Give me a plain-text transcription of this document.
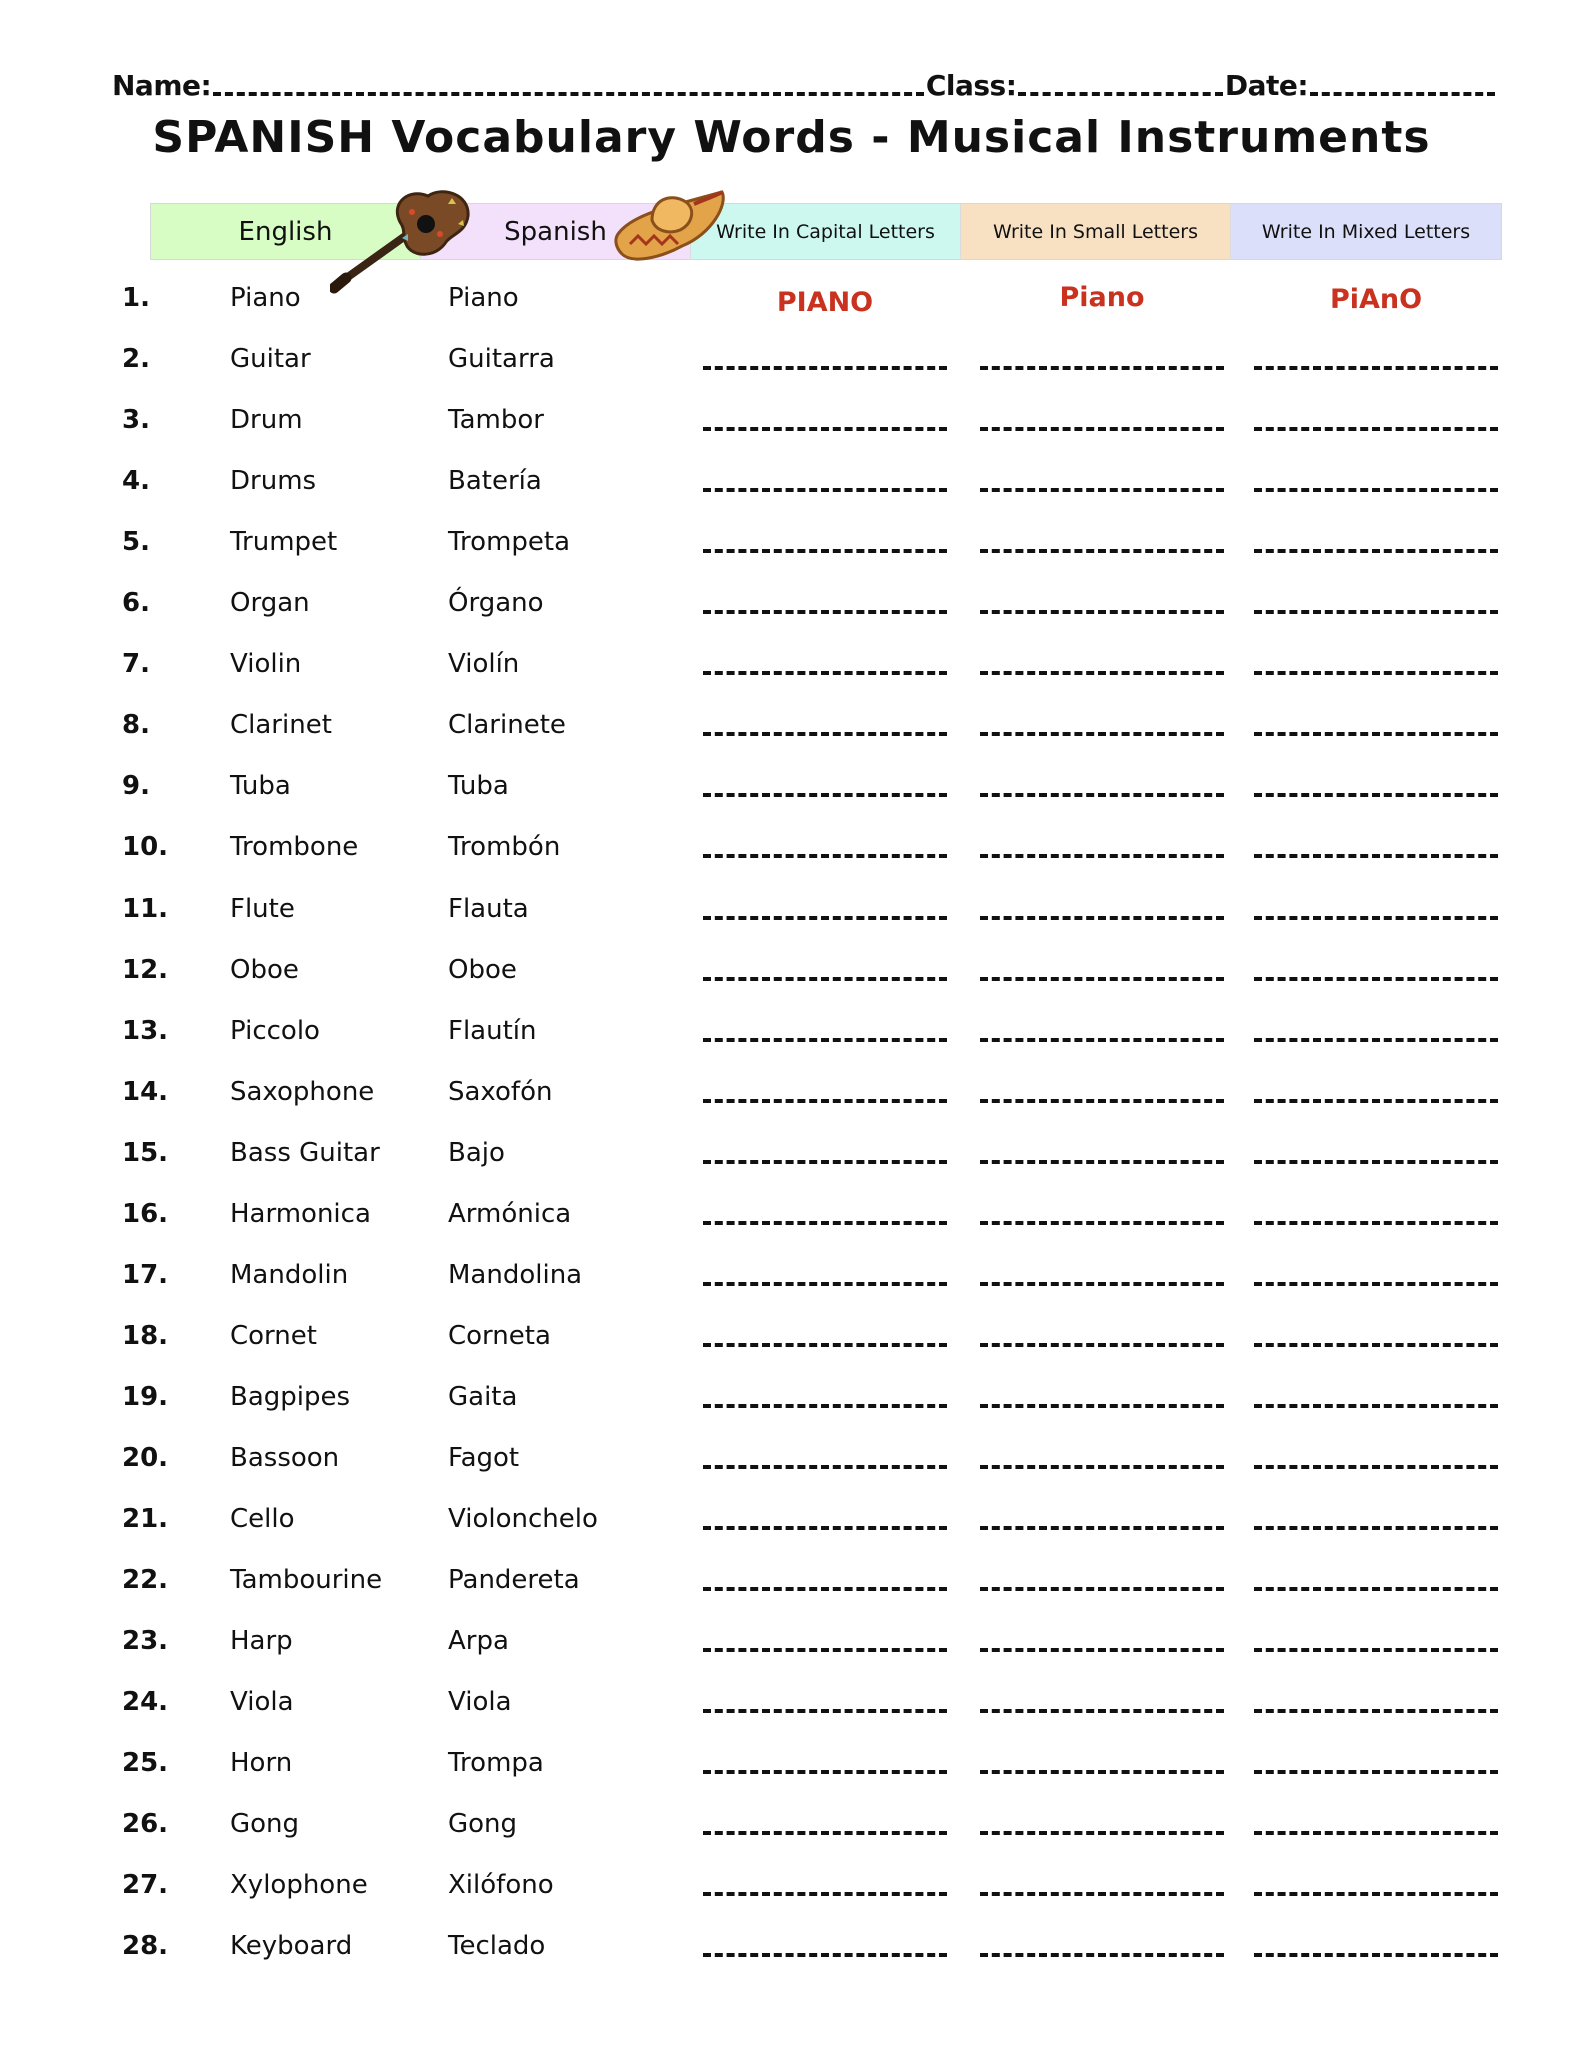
Name:	Class:	Date:
SPANISH Vocabulary Words - Musical Instruments
English	Spanish	Write In Capital Letters	Write In Small Letters	Write In Mixed Letters
1.	Piano	Piano	PIANO	Piano	PiAnO
2.	Guitar	Guitarra
3.	Drum	Tambor
4.	Drums	Batería
5.	Trumpet	Trompeta
6.	Organ	Órgano
7.	Violin	Violín
8.	Clarinet	Clarinete
9.	Tuba	Tuba
10. Trombone	Trombón
11. Flute	Flauta
12. Oboe	Oboe
13. Piccolo	Flautín
14. Saxophone	Saxofón
15. Bass Guitar	Bajo
16. Harmonica	Armónica
17. Mandolin	Mandolina
18. Cornet	Corneta
19. Bagpipes	Gaita
20. Bassoon	Fagot
21. Cello	Violonchelo
22. Tambourine	Pandereta
23. Harp	Arpa
24. Viola	Viola
25. Horn	Trompa
26. Gong	Gong
27. Xylophone	Xilófono
28. Keyboard	Teclado
